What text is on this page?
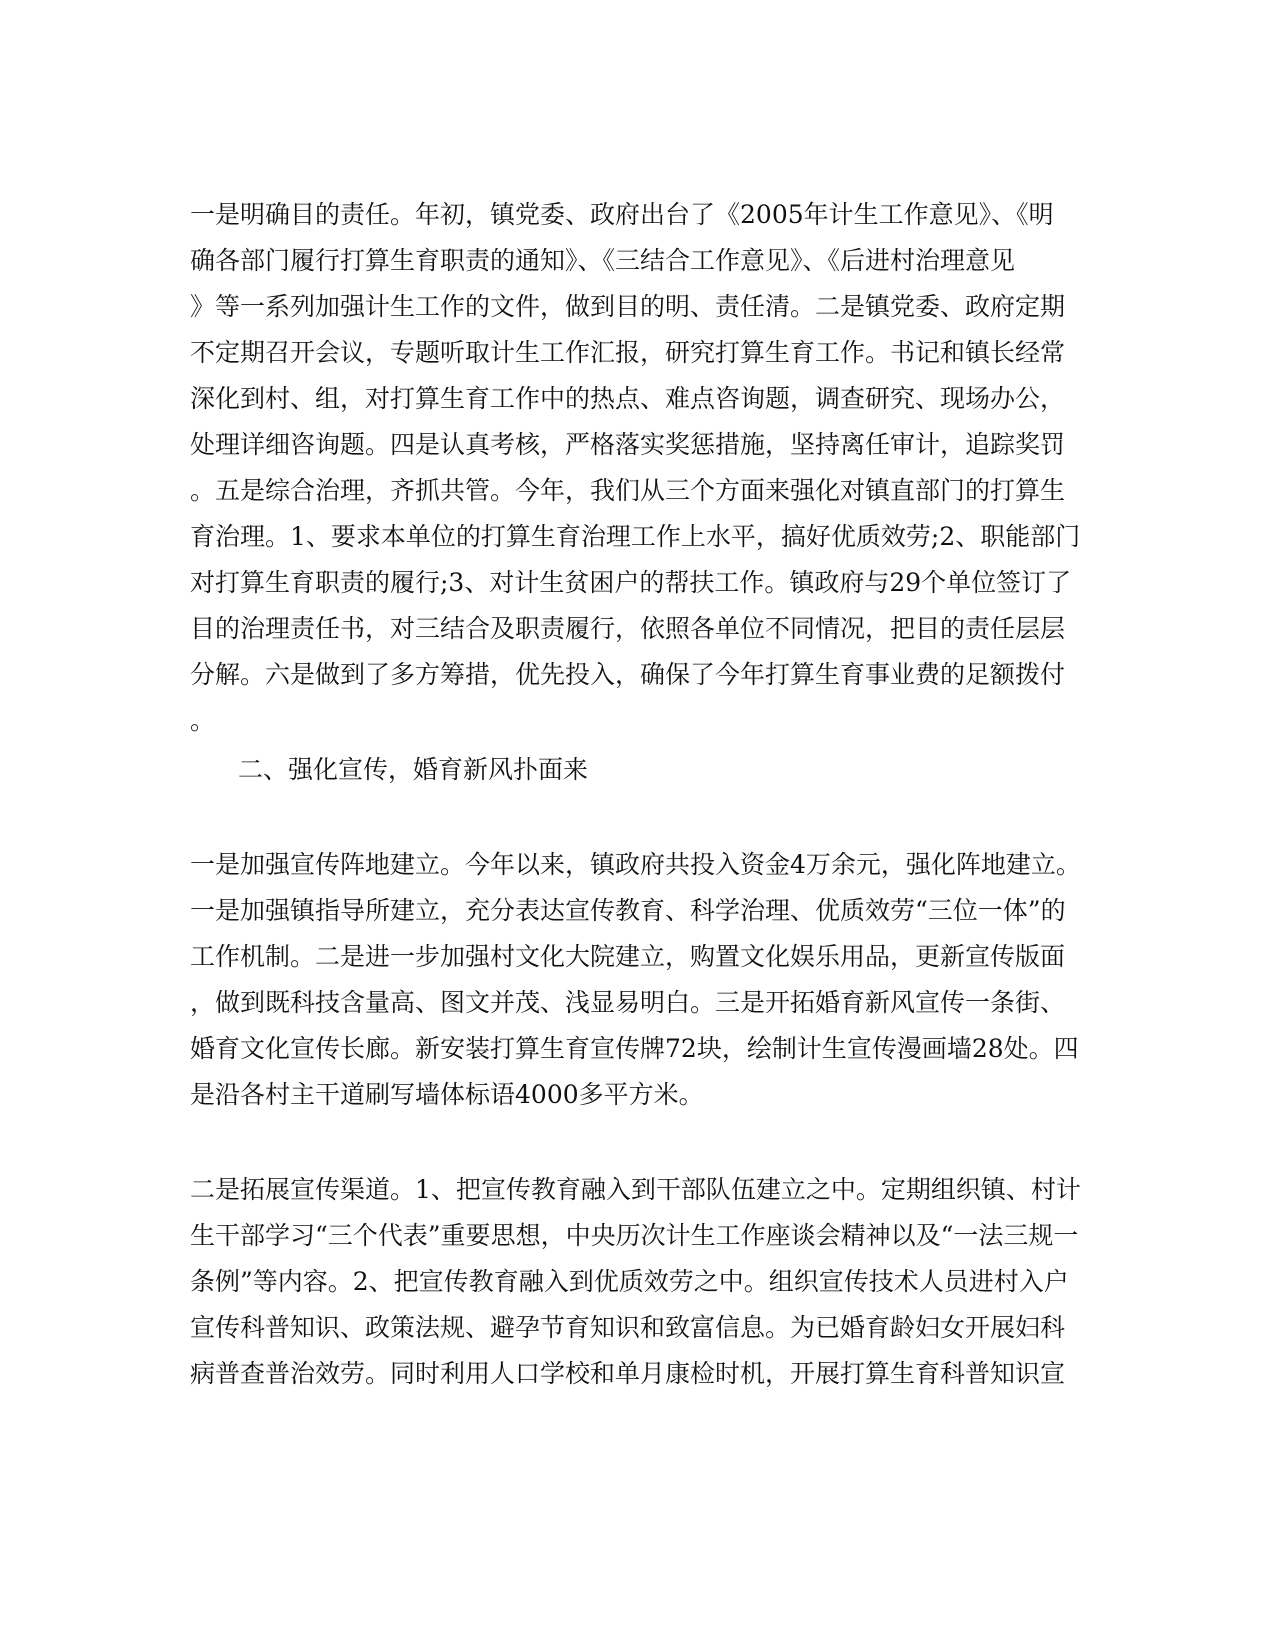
一是明确目的责任。年初，镇党委、政府出台了《2005年计生工作意见》、《明
确各部门履行打算生育职责的通知》、《三结合工作意见》、《后进村治理意见
》等一系列加强计生工作的文件，做到目的明、责任清。二是镇党委、政府定期
不定期召开会议，专题听取计生工作汇报，研究打算生育工作。书记和镇长经常
深化到村、组，对打算生育工作中的热点、难点咨询题，调查研究、现场办公，
处理详细咨询题。四是认真考核，严格落实奖惩措施，坚持离任审计，追踪奖罚
。五是综合治理，齐抓共管。今年，我们从三个方面来强化对镇直部门的打算生
育治理。1、要求本单位的打算生育治理工作上水平，搞好优质效劳;2、职能部门
对打算生育职责的履行;3、对计生贫困户的帮扶工作。镇政府与29个单位签订了
目的治理责任书，对三结合及职责履行，依照各单位不同情况，把目的责任层层
分解。六是做到了多方筹措，优先投入，确保了今年打算生育事业费的足额拨付
。
二、强化宣传，婚育新风扑面来
一是加强宣传阵地建立。今年以来，镇政府共投入资金4万余元，强化阵地建立。
一是加强镇指导所建立，充分表达宣传教育、科学治理、优质效劳“三位一体”的
工作机制。二是进一步加强村文化大院建立，购置文化娱乐用品，更新宣传版面
，做到既科技含量高、图文并茂、浅显易明白。三是开拓婚育新风宣传一条街、
婚育文化宣传长廊。新安装打算生育宣传牌72块，绘制计生宣传漫画墙28处。四
是沿各村主干道刷写墙体标语4000多平方米。
二是拓展宣传渠道。1、把宣传教育融入到干部队伍建立之中。定期组织镇、村计
生干部学习“三个代表”重要思想，中央历次计生工作座谈会精神以及“一法三规一
条例”等内容。2、把宣传教育融入到优质效劳之中。组织宣传技术人员进村入户
宣传科普知识、政策法规、避孕节育知识和致富信息。为已婚育龄妇女开展妇科
病普查普治效劳。同时利用人口学校和单月康检时机，开展打算生育科普知识宣
